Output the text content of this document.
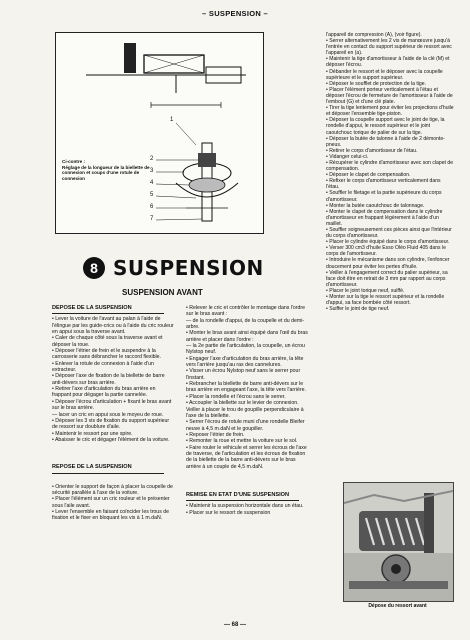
– SUSPENSION –
1
2
3
4
5
6
7
Ci-contre :
Réglage de la longueur de la biellette de connexion et coups d'une rotule de connexion
8 SUSPENSION
SUSPENSION AVANT
DEPOSE DE LA SUSPENSION

• Lever la voiture de l'avant au palan à l'aide de l'élingue par les guide-crics ou à l'aide du cric rouleur en appui sous la traverse avant.

• Caler de chaque côté sous la traverse avant et déposer la roue.

• Déposer l'étrier de frein et le suspendre à la carrosserie sans débrancher le raccord flexible.

• Enlever la rotule de connexion à l'aide d'un extracteur.

• Déposer l'axe de fixation de la biellette de barre anti-dévers sur bras arrière.

• Retirer l'axe d'articulation du bras arrière en frappant pour dégager la partie cannelée.

• Déposer l'écrou d'articulation + fixant le bras avant sur le bras arrière.

— lacer un cric en appui sous le moyeu de roue.

• Déposer les 3 vis de fixation du support supérieur de ressort sur doublure d'aile.

• Maintenir le ressort par une spire.

• Abaisser le cric et dégager l'élément de la voiture.

REPOSE DE LA SUSPENSION

• Orienter le support de façon à placer la coupelle de sécurité parallèle à l'axe de la voiture.

• Placer l'élément sur un cric rouleur et le présenter sous l'aile avant.

• Lever l'ensemble en faisant coïncider les trous de fixation et le fixer en bloquant les vis à 1 m.daN.

• Relever le cric et contrôler le montage dans l'ordre sur le bras avant :

— de la rondelle d'appui, de la coupelle et du demi-arbre.

• Monter le bras avant ainsi équipé dans l'œil du bras arrière et placer dans l'ordre :

— la 2e partie de l'articulation, la coupelle, un écrou Nylstop neuf.

• Engager l'axe d'articulation du bras arrière, la tête vers l'arrière jusqu'au ras des cannelures.

• Visser un écrou Nylstop neuf sans le serrer pour l'instant.

• Rebrancher la biellette de barre anti-dévers sur le bras arrière en engageant l'axe, la tête vers l'arrière.

• Placer la rondelle et l'écrou sans le serrer.

• Accoupler la biellette sur le levier de connexion. Veiller à placer le trou de goupille perpendiculaire à l'axe de la biellette.

• Serrer l'écrou de rotule muni d'une rondelle Bleifer neuve à 4,5 m.daN et le goupiller.

• Reposer l'étrier de frein.

• Remonter la roue et mettre la voiture sur le sol.

• Faire rouler le véhicule et serrer les écrous de l'axe de traverse, de l'articulation et les écrous de fixation de la biellette de la barre anti-dévers sur le bras arrière à un couple de 4,5 m.daN.

REMISE EN ETAT D'UNE SUSPENSION

• Maintenir la suspension horizontale dans un étau.

• Placer sur le ressort de suspension

l'appareil de compression (A), (voir figure).

• Serrer alternativement les 2 vis de manœuvre jusqu'à l'entrée en contact du support supérieur de ressort avec l'appareil en (a).

• Maintenir la tige d'amortisseur à l'aide de la clé (M) et déposer l'écrou.

• Débander le ressort et le déposer avec la coupelle supérieure et le support supérieur.

• Déposer le soufflet de protection de la tige.

• Placer l'élément porteur verticalement à l'étau et déposer l'écrou de fermeture de l'amortisseur à l'aide de l'embout (G) et d'une clé plate.

• Tirer la tige lentement pour éviter les projections d'huile et déposer l'ensemble tige-piston.

• Déposer la coupelle support avec le joint de tige, la rondelle d'appui, le ressort supérieur et le joint caoutchouc torique de palier de sur la tige.

• Déposer la butée de talonne à l'aide de 2 démonte-pneus.

• Retirer le corps d'amortisseur de l'étau.

• Vidanger celui-ci.

• Récupérer le cylindre d'amortisseur avec son clapet de compensation.

• Déposer le clapet de compensation.

• Refixer le corps d'amortisseur verticalement dans l'étau.

• Souffler le filetage et la partie supérieure du corps d'amortisseur.

• Monter la butée caoutchouc de talonnage.

• Monter le clapet de compensation dans le cylindre d'amortisseur en frappant légèrement à l'aide d'un maillet.

• Souffler soigneusement ces pièces ainsi que l'intérieur du corps d'amortisseur.

• Placer le cylindre équipé dans le corps d'amortisseur.

• Verser 300 cm3 d'huile Esso Oléo Fluid 405 dans le corps de l'amortisseur.

• Introduire le mécanisme dans son cylindre, l'enfoncer doucement pour éviter les pertes d'huile.

• Veiller à l'engagement correct du palier supérieur, sa face doit être en retrait de 3 mm par rapport au corps d'amortisseur.

• Placer le joint torique neuf, suiffé.

• Monter sur la tige le ressort supérieur et la rondelle d'appui, sa face bombée côté ressort.

• Suiffer le joint de tige neuf.

Dépose du ressort avant
— 68 —
